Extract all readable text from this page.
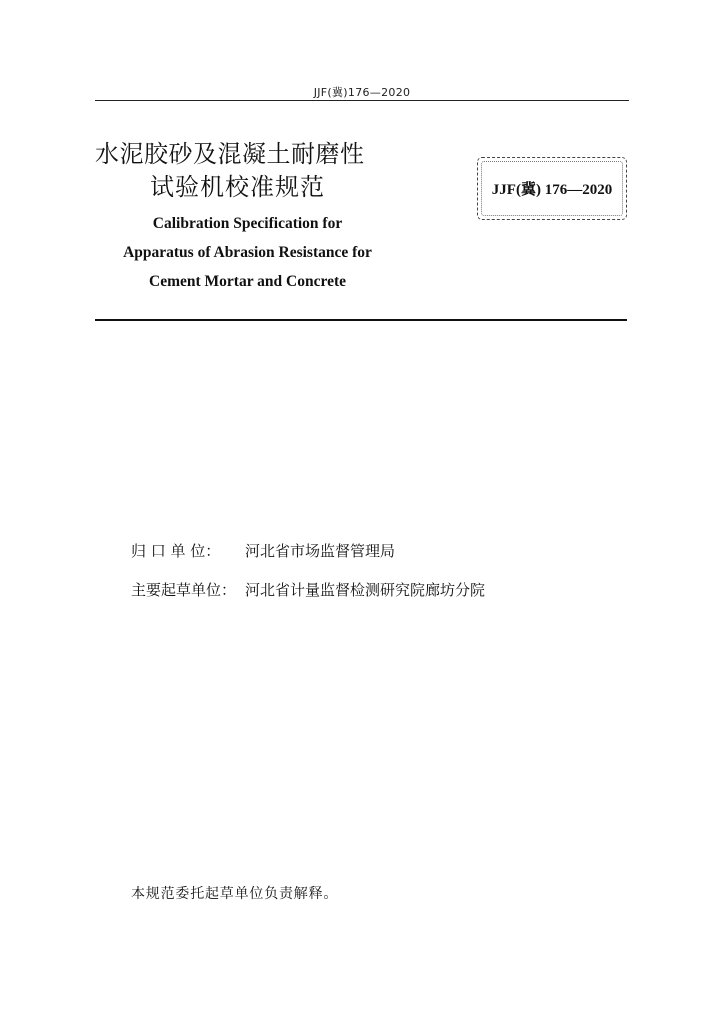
JJF(冀)176—2020
水泥胶砂及混凝土耐磨性
试验机校准规范
Calibration Specification for
Apparatus of Abrasion Resistance for
Cement Mortar and Concrete
JJF(冀) 176—2020
归 口 单 位： 河北省市场监督管理局
主要起草单位： 河北省计量监督检测研究院廊坊分院
本规范委托起草单位负责解释。
